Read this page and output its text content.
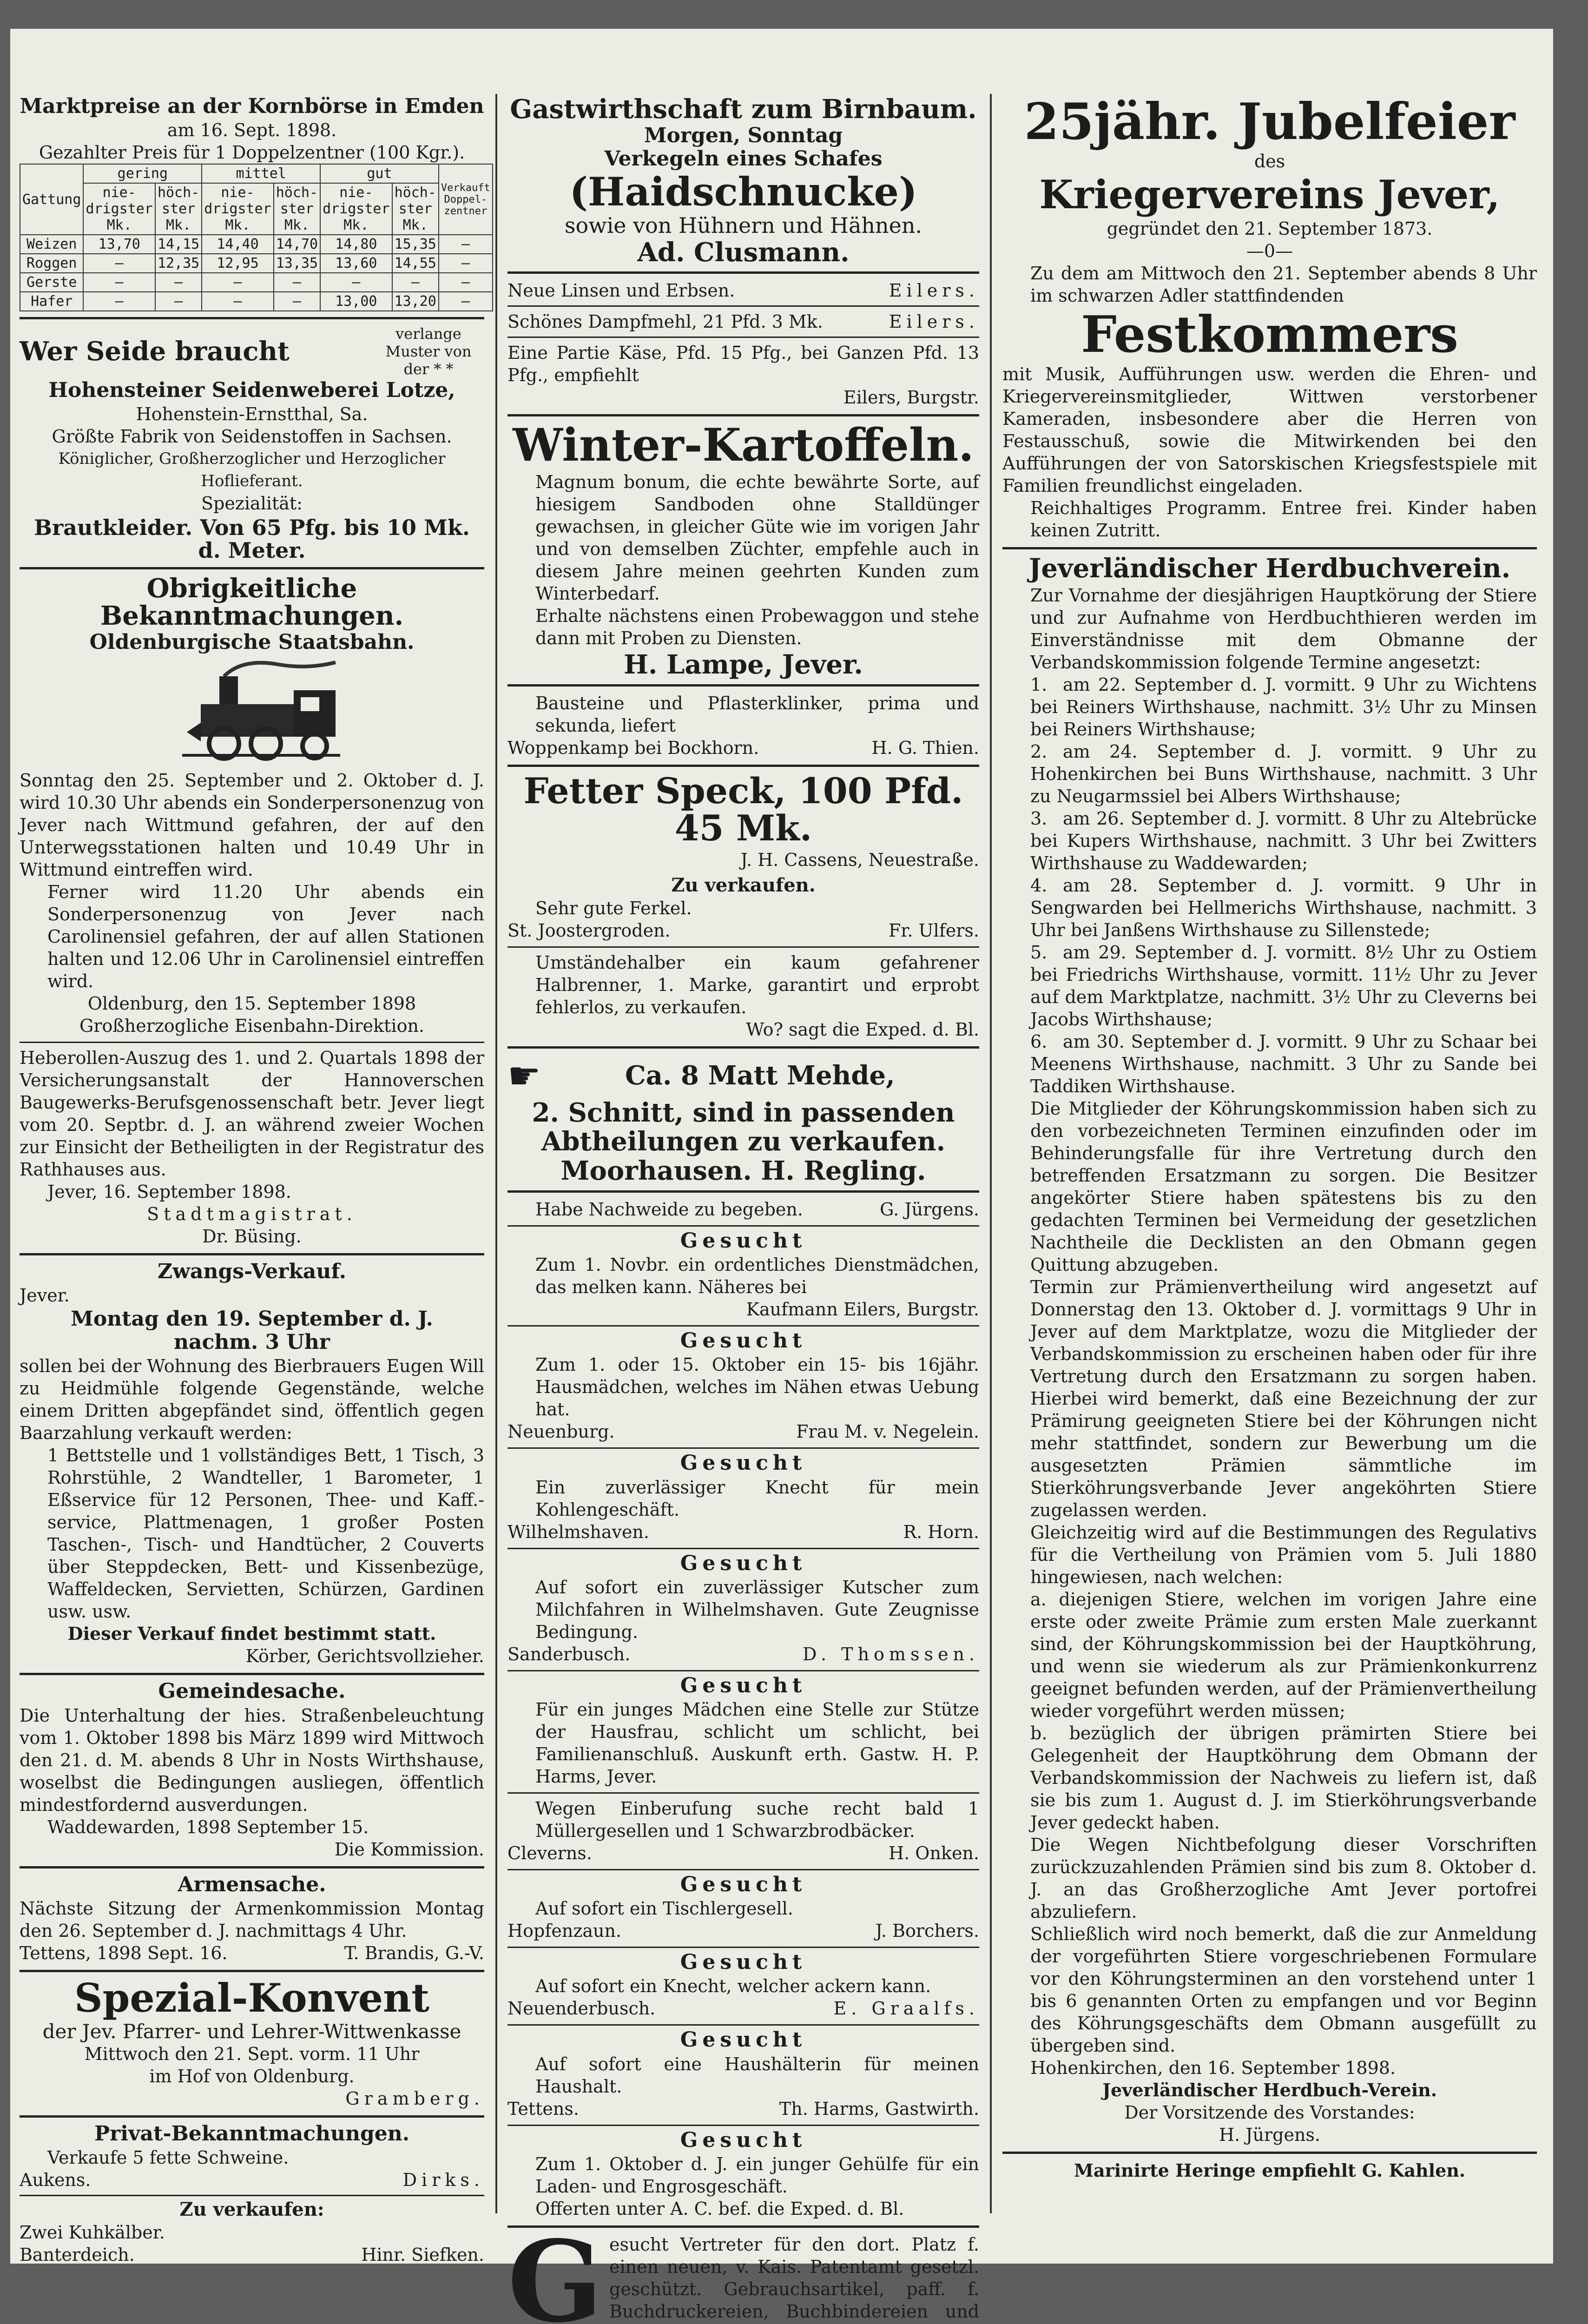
Marktpreise an der Kornbörse in Emden
am 16. Sept. 1898.
Gezahlter Preis für 1 Doppelzentner (100 Kgr.).
Gattung	gering		mittel		gut		Verkauft Doppel-zentner
	nie-drigster Mk.	höch-ster Mk.	nie-drigster Mk.	höch-ster Mk.	nie-drigster Mk.	höch-ster Mk.	
Weizen	13,70	14,15	14,40	14,70	14,80	15,35	—
Roggen	—	12,35	12,95	13,35	13,60	14,55	—
Gerste	—	—	—	—	—	—	—
Hafer	—	—	—	—	13,00	13,20	—
Wer Seide braucht
verlange Muster von der * *
Hohensteiner Seidenweberei Lotze,
Hohenstein-Ernstthal, Sa.
Größte Fabrik von Seidenstoffen in Sachsen.
Königlicher, Großherzoglicher und Herzoglicher Hoflieferant.
Spezialität:
Brautkleider. Von 65 Pfg. bis 10 Mk. d. Meter.
Obrigkeitliche Bekanntmachungen.
Oldenburgische Staatsbahn.

Sonntag den 25. September und 2. Oktober d. J. wird 10.30 Uhr abends ein Sonderpersonenzug von Jever nach Wittmund gefahren, der auf den Unterwegsstationen halten und 10.49 Uhr in Wittmund eintreffen wird.

Ferner wird 11.20 Uhr abends ein Sonderpersonenzug von Jever nach Carolinensiel gefahren, der auf allen Stationen halten und 12.06 Uhr in Carolinensiel eintreffen wird.

Oldenburg, den 15. September 1898
Großherzogliche Eisenbahn-Direktion.

Heberollen-Auszug des 1. und 2. Quartals 1898 der Versicherungsanstalt der Hannoverschen Baugewerks-Berufsgenossenschaft betr. Jever liegt vom 20. Septbr. d. J. an während zweier Wochen zur Einsicht der Betheiligten in der Registratur des Rathhauses aus.

Jever, 16. September 1898.
Stadtmagistrat.
Dr. Büsing.
Zwangs-Verkauf.
Jever.
Montag den 19. September d. J.
nachm. 3 Uhr

sollen bei der Wohnung des Bierbrauers Eugen Will zu Heidmühle folgende Gegenstände, welche einem Dritten abgepfändet sind, öffentlich gegen Baarzahlung verkauft werden:

1 Bettstelle und 1 vollständiges Bett, 1 Tisch, 3 Rohrstühle, 2 Wandteller, 1 Barometer, 1 Eßservice für 12 Personen, Thee- und Kaff.-service, Plattmenagen, 1 großer Posten Taschen-, Tisch- und Handtücher, 2 Couverts über Steppdecken, Bett- und Kissenbezüge, Waffeldecken, Servietten, Schürzen, Gardinen usw. usw.

Dieser Verkauf findet bestimmt statt.
Körber, Gerichtsvollzieher.
Gemeindesache.

Die Unterhaltung der hies. Straßenbeleuchtung vom 1. Oktober 1898 bis März 1899 wird Mittwoch den 21. d. M. abends 8 Uhr in Nosts Wirthshause, woselbst die Bedingungen ausliegen, öffentlich mindestfordernd ausverdungen.

Waddewarden, 1898 September 15.
Die Kommission.
Armensache.

Nächste Sitzung der Armenkommission Montag den 26. September d. J. nachmittags 4 Uhr.

Tettens, 1898 Sept. 16.	T. Brandis, G.-V.
Spezial-Konvent
der Jev. Pfarrer- und Lehrer-Wittwenkasse
Mittwoch den 21. Sept. vorm. 11 Uhr
im Hof von Oldenburg.
Gramberg.
Privat-Bekanntmachungen.
Verkaufe 5 fette Schweine.
Aukens.	Dirks.
Zu verkaufen:
Zwei Kuhkälber.
Banterdeich.	Hinr. Siefken.
Gastwirthschaft zum Birnbaum.
Morgen, Sonntag
Verkegeln eines Schafes
(Haidschnucke)
sowie von Hühnern und Hähnen.
Ad. Clusmann.
Neue Linsen und Erbsen.	Eilers.
Schönes Dampfmehl, 21 Pfd. 3 Mk.	Eilers.

Eine Partie Käse, Pfd. 15 Pfg., bei Ganzen Pfd. 13 Pfg., empfiehlt

Eilers, Burgstr.
Winter-Kartoffeln.

Magnum bonum, die echte bewährte Sorte, auf hiesigem Sandboden ohne Stalldünger gewachsen, in gleicher Güte wie im vorigen Jahr und von demselben Züchter, empfehle auch in diesem Jahre meinen geehrten Kunden zum Winterbedarf.

Erhalte nächstens einen Probewaggon und stehe dann mit Proben zu Diensten.

H. Lampe, Jever.

Bausteine und Pflasterklinker, prima und sekunda, liefert

Woppenkamp bei Bockhorn.	H. G. Thien.
Fetter Speck, 100 Pfd. 45 Mk.
J. H. Cassens, Neuestraße.
Zu verkaufen.
Sehr gute Ferkel.
St. Joostergroden.	Fr. Ulfers.

Umständehalber ein kaum gefahrener Halbrenner, 1. Marke, garantirt und erprobt fehlerlos, zu verkaufen.

Wo? sagt die Exped. d. Bl.
☛	Ca. 8 Matt Mehde,
2. Schnitt, sind in passenden
Abtheilungen zu verkaufen.
Moorhausen. H. Regling.
Habe Nachweide zu begeben.	G. Jürgens.
Gesucht

Zum 1. Novbr. ein ordentliches Dienstmädchen, das melken kann. Näheres bei

Kaufmann Eilers, Burgstr.
Gesucht

Zum 1. oder 15. Oktober ein 15- bis 16jähr. Hausmädchen, welches im Nähen etwas Uebung hat.

Neuenburg.	Frau M. v. Negelein.
Gesucht

Ein zuverlässiger Knecht für mein Kohlengeschäft.

Wilhelmshaven.	R. Horn.
Gesucht

Auf sofort ein zuverlässiger Kutscher zum Milchfahren in Wilhelmshaven. Gute Zeugnisse Bedingung.

Sanderbusch.	D. Thomssen.
Gesucht

Für ein junges Mädchen eine Stelle zur Stütze der Hausfrau, schlicht um schlicht, bei Familienanschluß. Auskunft erth. Gastw. H. P. Harms, Jever.

Wegen Einberufung suche recht bald 1 Müllergesellen und 1 Schwarzbrodbäcker.

Cleverns.	H. Onken.
Gesucht
Auf sofort ein Tischlergesell.
Hopfenzaun.	J. Borchers.
Gesucht
Auf sofort ein Knecht, welcher ackern kann.
Neuenderbusch.	E. Graalfs.
Gesucht
Auf sofort eine Haushälterin für meinen Haushalt.
Tettens.	Th. Harms, Gastwirth.
Gesucht

Zum 1. Oktober d. J. ein junger Gehülfe für ein Laden- und Engrosgeschäft.

Offerten unter A. C. bef. die Exped. d. Bl.
G esucht Vertreter für den dort. Platz f. einen neuen, v. Kais. Patentamt gesetzl. geschützt. Gebrauchsartikel, paff. f. Buchdruckereien, Buchbindereien und

25jähr. Jubelfeier
des
Kriegervereins Jever,
gegründet den 21. September 1873.
—0—

Zu dem am Mittwoch den 21. September abends 8 Uhr im schwarzen Adler stattfindenden

Festkommers

mit Musik, Aufführungen usw. werden die Ehren- und Kriegervereinsmitglieder, Wittwen verstorbener Kameraden, insbesondere aber die Herren von Festausschuß, sowie die Mitwirkenden bei den Aufführungen der von Satorskischen Kriegsfestspiele mit Familien freundlichst eingeladen.

Reichhaltiges Programm. Entree frei. Kinder haben keinen Zutritt.

Jeverländischer Herdbuchverein.

Zur Vornahme der diesjährigen Hauptkörung der Stiere und zur Aufnahme von Herdbuchthieren werden im Einverständnisse mit dem Obmanne der Verbandskommission folgende Termine angesetzt:

1. am 22. September d. J. vormitt. 9 Uhr zu Wichtens bei Reiners Wirthshause, nachmitt. 3½ Uhr zu Minsen bei Reiners Wirthshause;

2. am 24. September d. J. vormitt. 9 Uhr zu Hohenkirchen bei Buns Wirthshause, nachmitt. 3 Uhr zu Neugarmssiel bei Albers Wirthshause;

3. am 26. September d. J. vormitt. 8 Uhr zu Altebrücke bei Kupers Wirthshause, nachmitt. 3 Uhr bei Zwitters Wirthshause zu Waddewarden;

4. am 28. September d. J. vormitt. 9 Uhr in Sengwarden bei Hellmerichs Wirthshause, nachmitt. 3 Uhr bei Janßens Wirthshause zu Sillenstede;

5. am 29. September d. J. vormitt. 8½ Uhr zu Ostiem bei Friedrichs Wirthshause, vormitt. 11½ Uhr zu Jever auf dem Marktplatze, nachmitt. 3½ Uhr zu Cleverns bei Jacobs Wirthshause;

6. am 30. September d. J. vormitt. 9 Uhr zu Schaar bei Meenens Wirthshause, nachmitt. 3 Uhr zu Sande bei Taddiken Wirthshause.

Die Mitglieder der Köhrungskommission haben sich zu den vorbezeichneten Terminen einzufinden oder im Behinderungsfalle für ihre Vertretung durch den betreffenden Ersatzmann zu sorgen. Die Besitzer angekörter Stiere haben spätestens bis zu den gedachten Terminen bei Vermeidung der gesetzlichen Nachtheile die Decklisten an den Obmann gegen Quittung abzugeben.

Termin zur Prämienvertheilung wird angesetzt auf Donnerstag den 13. Oktober d. J. vormittags 9 Uhr in Jever auf dem Marktplatze, wozu die Mitglieder der Verbandskommission zu erscheinen haben oder für ihre Vertretung durch den Ersatzmann zu sorgen haben. Hierbei wird bemerkt, daß eine Bezeichnung der zur Prämirung geeigneten Stiere bei der Köhrungen nicht mehr stattfindet, sondern zur Bewerbung um die ausgesetzten Prämien sämmtliche im Stierköhrungsverbande Jever angeköhrten Stiere zugelassen werden.

Gleichzeitig wird auf die Bestimmungen des Regulativs für die Vertheilung von Prämien vom 5. Juli 1880 hingewiesen, nach welchen:

a. diejenigen Stiere, welchen im vorigen Jahre eine erste oder zweite Prämie zum ersten Male zuerkannt sind, der Köhrungskommission bei der Hauptköhrung, und wenn sie wiederum als zur Prämienkonkurrenz geeignet befunden werden, auf der Prämienvertheilung wieder vorgeführt werden müssen;

b. bezüglich der übrigen prämirten Stiere bei Gelegenheit der Hauptköhrung dem Obmann der Verbandskommission der Nachweis zu liefern ist, daß sie bis zum 1. August d. J. im Stierköhrungsverbande Jever gedeckt haben.

Die Wegen Nichtbefolgung dieser Vorschriften zurückzuzahlenden Prämien sind bis zum 8. Oktober d. J. an das Großherzogliche Amt Jever portofrei abzuliefern.

Schließlich wird noch bemerkt, daß die zur Anmeldung der vorgeführten Stiere vorgeschriebenen Formulare vor den Köhrungsterminen an den vorstehend unter 1 bis 6 genannten Orten zu empfangen und vor Beginn des Köhrungsgeschäfts dem Obmann ausgefüllt zu übergeben sind.

Hohenkirchen, den 16. September 1898.
Jeverländischer Herdbuch-Verein.
Der Vorsitzende des Vorstandes:
H. Jürgens.
Marinirte Heringe empfiehlt G. Kahlen.
